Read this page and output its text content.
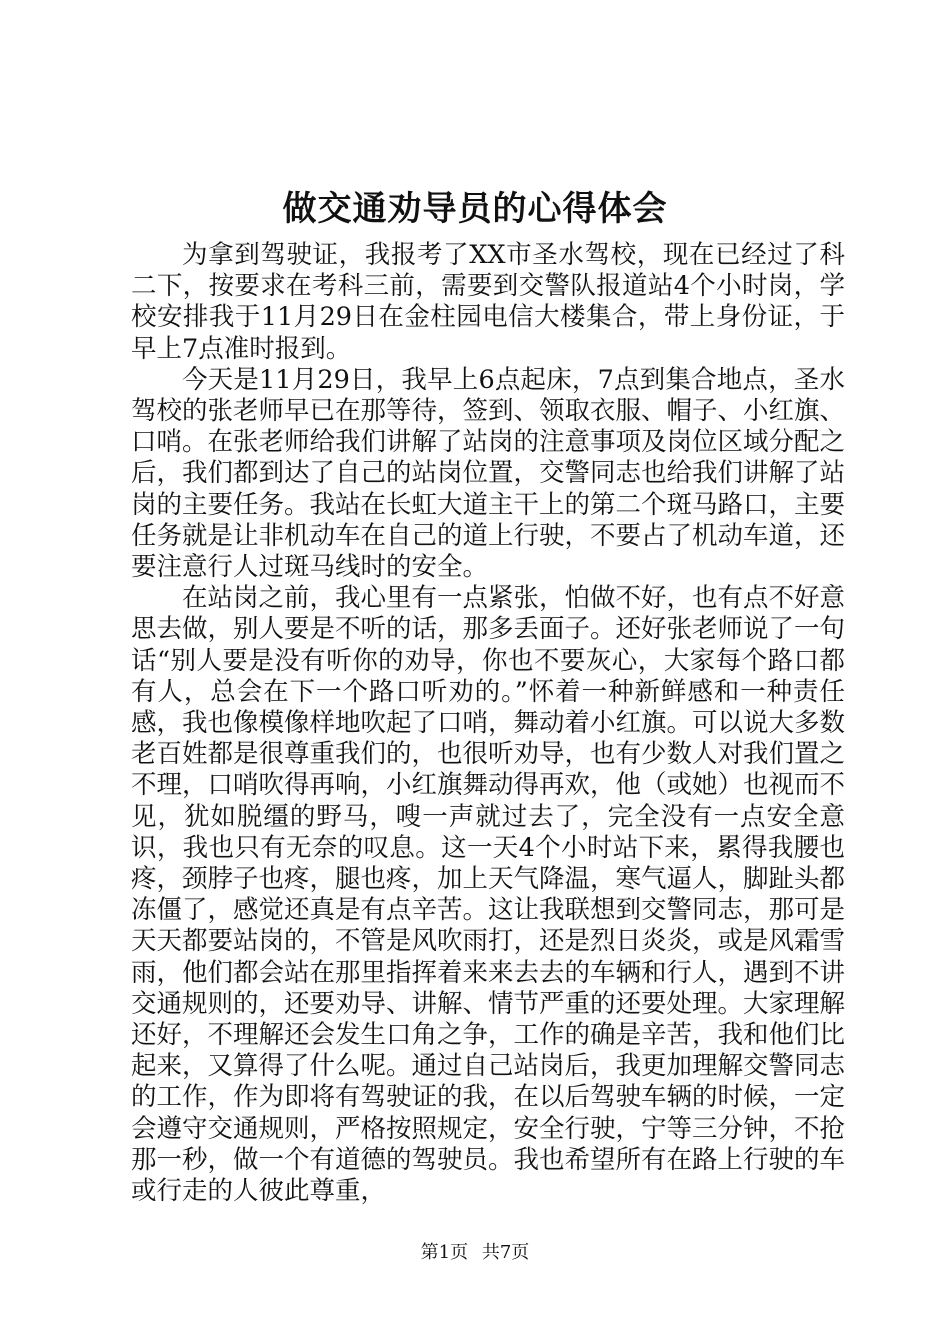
做交通劝导员的心得体会

为拿到驾驶证，我报考了XX市圣水驾校，现在已经过了科二下，按要求在考科三前，需要到交警队报道站4个小时岗，学校安排我于11月29日在金柱园电信大楼集合，带上身份证，于早上7点准时报到。

今天是11月29日，我早上6点起床，7点到集合地点，圣水驾校的张老师早已在那等待，签到、领取衣服、帽子、小红旗、口哨。在张老师给我们讲解了站岗的注意事项及岗位区域分配之后，我们都到达了自己的站岗位置，交警同志也给我们讲解了站岗的主要任务。我站在长虹大道主干上的第二个斑马路口，主要任务就是让非机动车在自己的道上行驶，不要占了机动车道，还要注意行人过斑马线时的安全。

在站岗之前，我心里有一点紧张，怕做不好，也有点不好意思去做，别人要是不听的话，那多丢面子。还好张老师说了一句话“别人要是没有听你的劝导，你也不要灰心，大家每个路口都有人，总会在下一个路口听劝的。”怀着一种新鲜感和一种责任感，我也像模像样地吹起了口哨，舞动着小红旗。可以说大多数老百姓都是很尊重我们的，也很听劝导，也有少数人对我们置之不理，口哨吹得再响，小红旗舞动得再欢，他（或她）也视而不见，犹如脱缰的野马，嗖一声就过去了，完全没有一点安全意识，我也只有无奈的叹息。这一天4个小时站下来，累得我腰也疼，颈脖子也疼，腿也疼，加上天气降温，寒气逼人，脚趾头都冻僵了，感觉还真是有点辛苦。这让我联想到交警同志，那可是天天都要站岗的，不管是风吹雨打，还是烈日炎炎，或是风霜雪雨，他们都会站在那里指挥着来来去去的车辆和行人，遇到不讲交通规则的，还要劝导、讲解、情节严重的还要处理。大家理解还好，不理解还会发生口角之争，工作的确是辛苦，我和他们比起来，又算得了什么呢。通过自己站岗后，我更加理解交警同志的工作，作为即将有驾驶证的我，在以后驾驶车辆的时候，一定会遵守交通规则，严格按照规定，安全行驶，宁等三分钟，不抢那一秒，做一个有道德的驾驶员。我也希望所有在路上行驶的车或行走的人彼此尊重，

第1页 共7页
